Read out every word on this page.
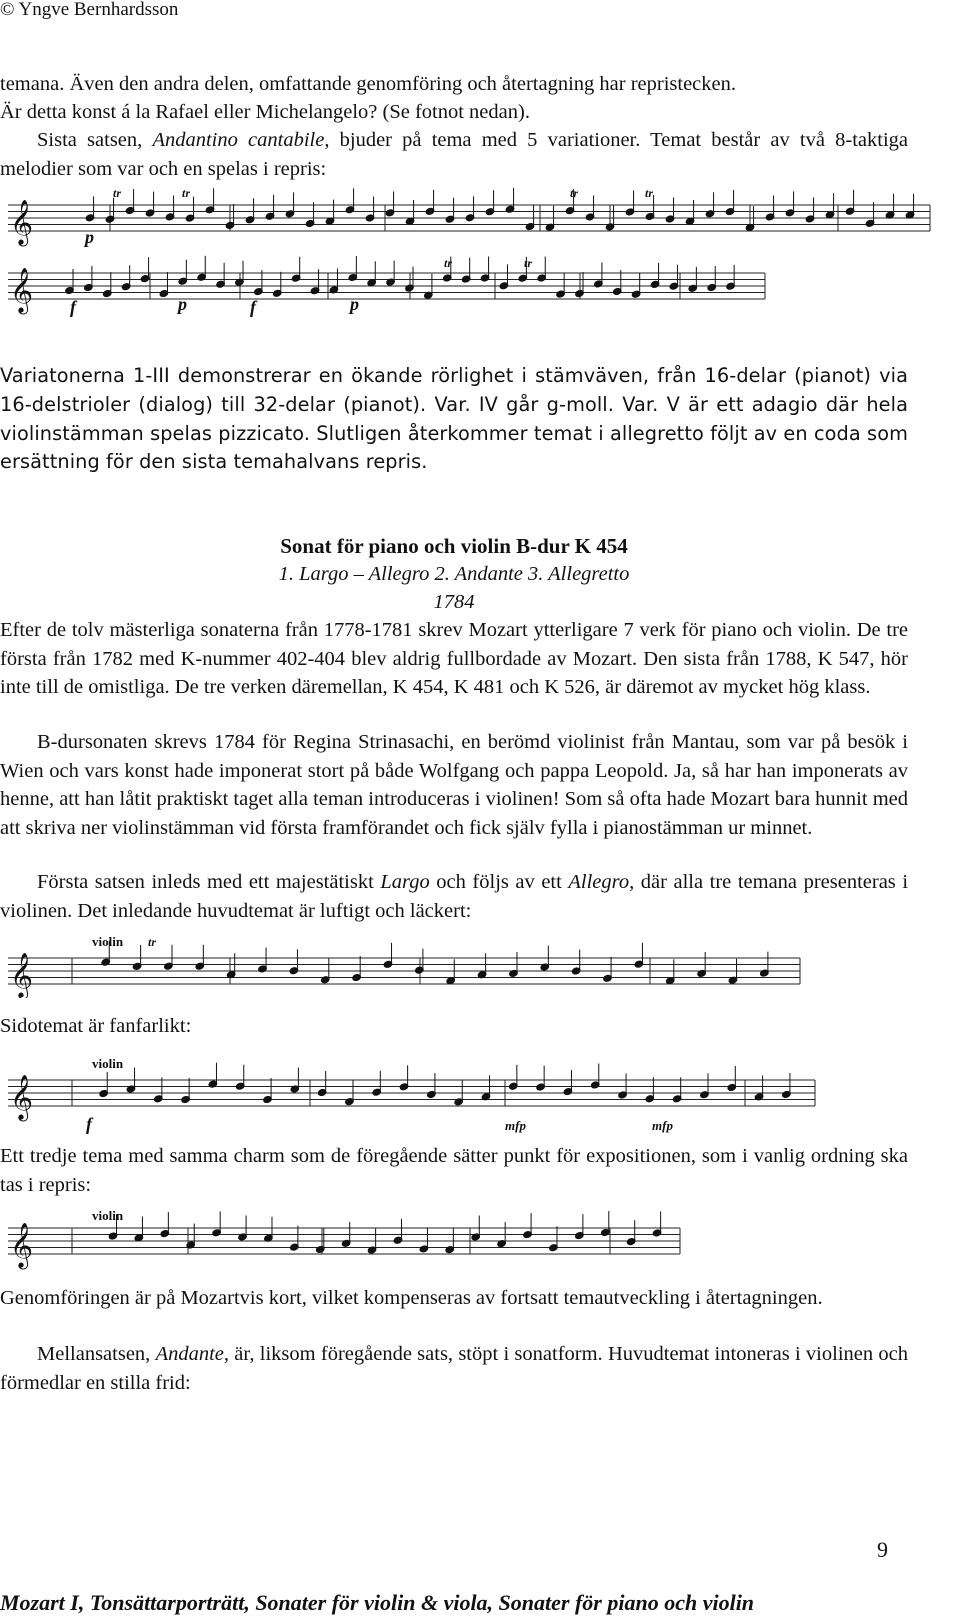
© Yngve Bernhardsson

temana. Även den andra delen, omfattande genomföring och återtagning har repristecken.

Är detta konst á la Rafael eller Michelangelo? (Se fotnot nedan).

Sista satsen, Andantino cantabile, bjuder på tema med 5 variationer. Temat består av två 8-taktiga melodier som var och en spelas i repris:

𝄞
𝄞
p
f	p	f	p
tr	tr	tr	tr
tr	tr

Variatonerna 1-III demonstrerar en ökande rörlighet i stämväven, från 16-delar (pianot) via 16-delstrioler (dialog) till 32-delar (pianot). Var. IV går g-moll. Var. V är ett adagio där hela violinstämman spelas pizzicato. Slutligen återkommer temat i allegretto följt av en coda som ersättning för den sista temahalvans repris.

Sonat för piano och violin B-dur K 454
1. Largo – Allegro 2. Andante 3. Allegretto
1784

Efter de tolv mästerliga sonaterna från 1778-1781 skrev Mozart ytterligare 7 verk för piano och violin. De tre första från 1782 med K-nummer 402-404 blev aldrig fullbordade av Mozart. Den sista från 1788, K 547, hör inte till de omistliga. De tre verken däremellan, K 454, K 481 och K 526, är däremot av mycket hög klass.

B-dursonaten skrevs 1784 för Regina Strinasachi, en berömd violinist från Mantau, som var på besök i Wien och vars konst hade imponerat stort på både Wolfgang och pappa Leopold. Ja, så har han imponerats av henne, att han låtit praktiskt taget alla teman introduceras i violinen! Som så ofta hade Mozart bara hunnit med att skriva ner violinstämman vid första framförandet och fick själv fylla i pianostämman ur minnet.

Första satsen inleds med ett majestätiskt Largo och följs av ett Allegro, där alla tre temana presenteras i violinen. Det inledande huvudtemat är luftigt och läckert:

𝄞
violin tr
Sidotemat är fanfarlikt:
𝄞
violin
f	mfp	mfp

Ett tredje tema med samma charm som de föregående sätter punkt för expositionen, som i vanlig ordning ska tas i repris:

𝄞
violin

Genomföringen är på Mozartvis kort, vilket kompenseras av fortsatt temautveckling i återtagningen.

Mellansatsen, Andante, är, liksom föregående sats, stöpt i sonatform. Huvudtemat intoneras i violinen och förmedlar en stilla frid:

9
Mozart I, Tonsättarporträtt, Sonater för violin & viola, Sonater för piano och violin
